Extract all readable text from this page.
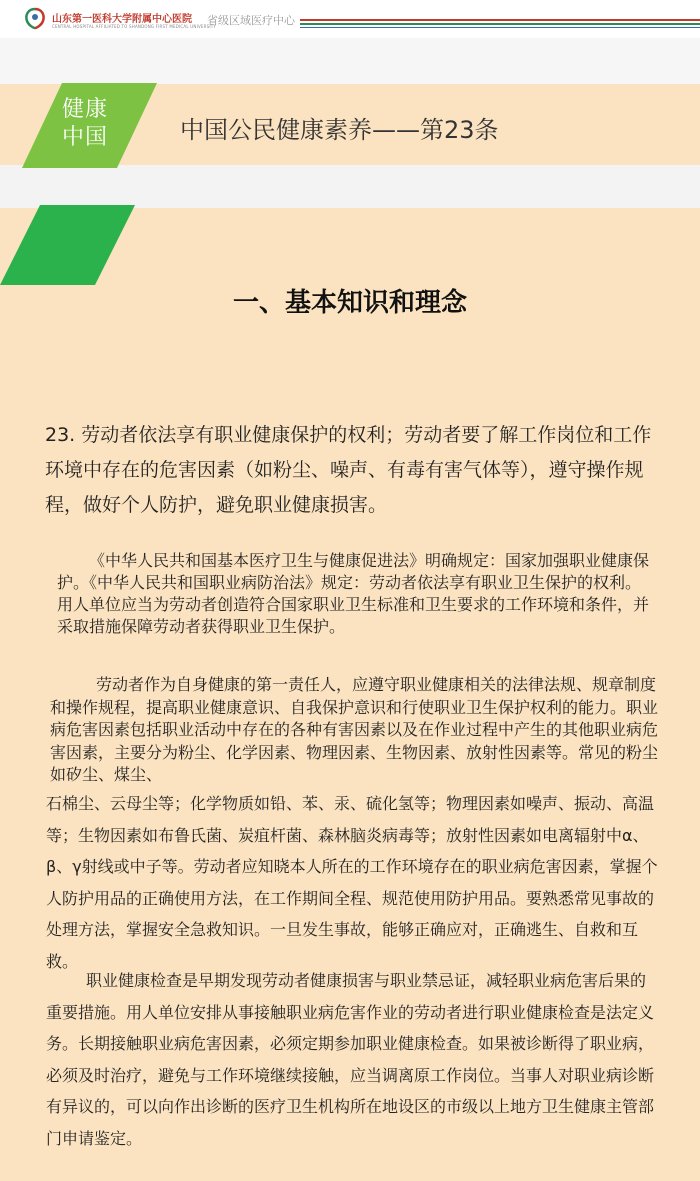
山东第一医科大学附属中心医院
CENTRAL HOSPITAL AFFILIATED TO SHANDONG FIRST MEDICAL UNIVERSITY
省级区域医疗中心
健康
中国	中国公民健康素养——第23条
一、基本知识和理念
23. 劳动者依法享有职业健康保护的权利；劳动者要了解工作岗位和工作环境中存在的危害因素（如粉尘、噪声、有毒有害气体等），遵守操作规程，做好个人防护，避免职业健康损害。
《中华人民共和国基本医疗卫生与健康促进法》明确规定：国家加强职业健康保护。《中华人民共和国职业病防治法》规定：劳动者依法享有职业卫生保护的权利。用人单位应当为劳动者创造符合国家职业卫生标准和卫生要求的工作环境和条件，并采取措施保障劳动者获得职业卫生保护。
劳动者作为自身健康的第一责任人，应遵守职业健康相关的法律法规、规章制度和操作规程，提高职业健康意识、自我保护意识和行使职业卫生保护权利的能力。职业病危害因素包括职业活动中存在的各种有害因素以及在作业过程中产生的其他职业病危害因素，主要分为粉尘、化学因素、物理因素、生物因素、放射性因素等。常见的粉尘如矽尘、煤尘、
石棉尘、云母尘等；化学物质如铅、苯、汞、硫化氢等；物理因素如噪声、振动、高温等；生物因素如布鲁氏菌、炭疽杆菌、森林脑炎病毒等；放射性因素如电离辐射中α、β、γ射线或中子等。劳动者应知晓本人所在的工作环境存在的职业病危害因素，掌握个人防护用品的正确使用方法，在工作期间全程、规范使用防护用品。要熟悉常见事故的处理方法，掌握安全急救知识。一旦发生事故，能够正确应对，正确逃生、自救和互救。
职业健康检查是早期发现劳动者健康损害与职业禁忌证，减轻职业病危害后果的重要措施。用人单位安排从事接触职业病危害作业的劳动者进行职业健康检查是法定义务。长期接触职业病危害因素，必须定期参加职业健康检查。如果被诊断得了职业病，必须及时治疗，避免与工作环境继续接触，应当调离原工作岗位。当事人对职业病诊断有异议的，可以向作出诊断的医疗卫生机构所在地设区的市级以上地方卫生健康主管部门申请鉴定。
